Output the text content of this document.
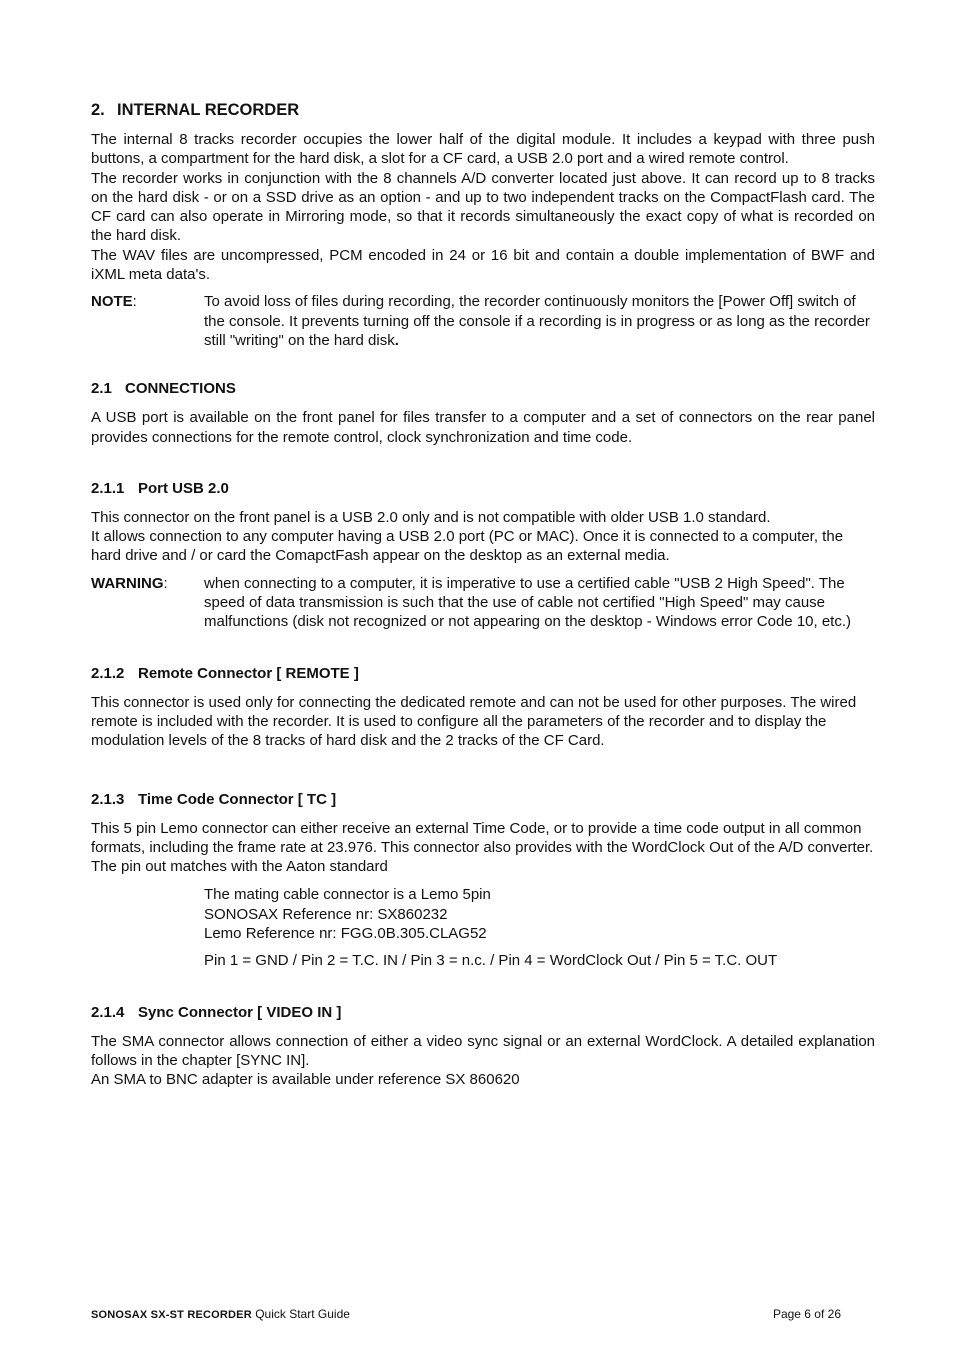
2. INTERNAL RECORDER

The internal 8 tracks recorder occupies the lower half of the digital module. It includes a keypad with three push buttons, a compartment for the hard disk, a slot for a CF card, a USB 2.0 port and a wired remote control.

The recorder works in conjunction with the 8 channels A/D converter located just above. It can record up to 8 tracks on the hard disk - or on a SSD drive as an option - and up to two independent tracks on the CompactFlash card. The CF card can also operate in Mirroring mode, so that it records simultaneously the exact copy of what is recorded on the hard disk.

The WAV files are uncompressed, PCM encoded in 24 or 16 bit and contain a double implementation of BWF and iXML meta data's.

NOTE:	To avoid loss of files during recording, the recorder continuously monitors the [Power Off] switch of the console. It prevents turning off the console if a recording is in progress or as long as the recorder still "writing" on the hard disk.
2.1 CONNECTIONS

A USB port is available on the front panel for files transfer to a computer and a set of connectors on the rear panel provides connections for the remote control, clock synchronization and time code.

2.1.1 Port USB 2.0

This connector on the front panel is a USB 2.0 only and is not compatible with older USB 1.0 standard.

It allows connection to any computer having a USB 2.0 port (PC or MAC). Once it is connected to a computer, the hard drive and / or card the ComapctFash appear on the desktop as an external media.

WARNING:	when connecting to a computer, it is imperative to use a certified cable "USB 2 High Speed". The speed of data transmission is such that the use of cable not certified "High Speed" may cause malfunctions (disk not recognized or not appearing on the desktop - Windows error Code 10, etc.)
2.1.2 Remote Connector [ REMOTE ]

This connector is used only for connecting the dedicated remote and can not be used for other purposes. The wired remote is included with the recorder. It is used to configure all the parameters of the recorder and to display the modulation levels of the 8 tracks of hard disk and the 2 tracks of the CF Card.

2.1.3 Time Code Connector [ TC ]

This 5 pin Lemo connector can either receive an external Time Code, or to provide a time code output in all common formats, including the frame rate at 23.976. This connector also provides with the WordClock Out of the A/D converter. The pin out matches with the Aaton standard

The mating cable connector is a Lemo 5pin

SONOSAX Reference nr: SX860232

Lemo Reference nr: FGG.0B.305.CLAG52

Pin 1 = GND / Pin 2 = T.C. IN / Pin 3 = n.c. / Pin 4 = WordClock Out / Pin 5 = T.C. OUT

2.1.4 Sync Connector [ VIDEO IN ]

The SMA connector allows connection of either a video sync signal or an external WordClock. A detailed explanation follows in the chapter [SYNC IN].

An SMA to BNC adapter is available under reference SX 860620

SONOSAX SX-ST RECORDER Quick Start Guide	Page 6 of 26
